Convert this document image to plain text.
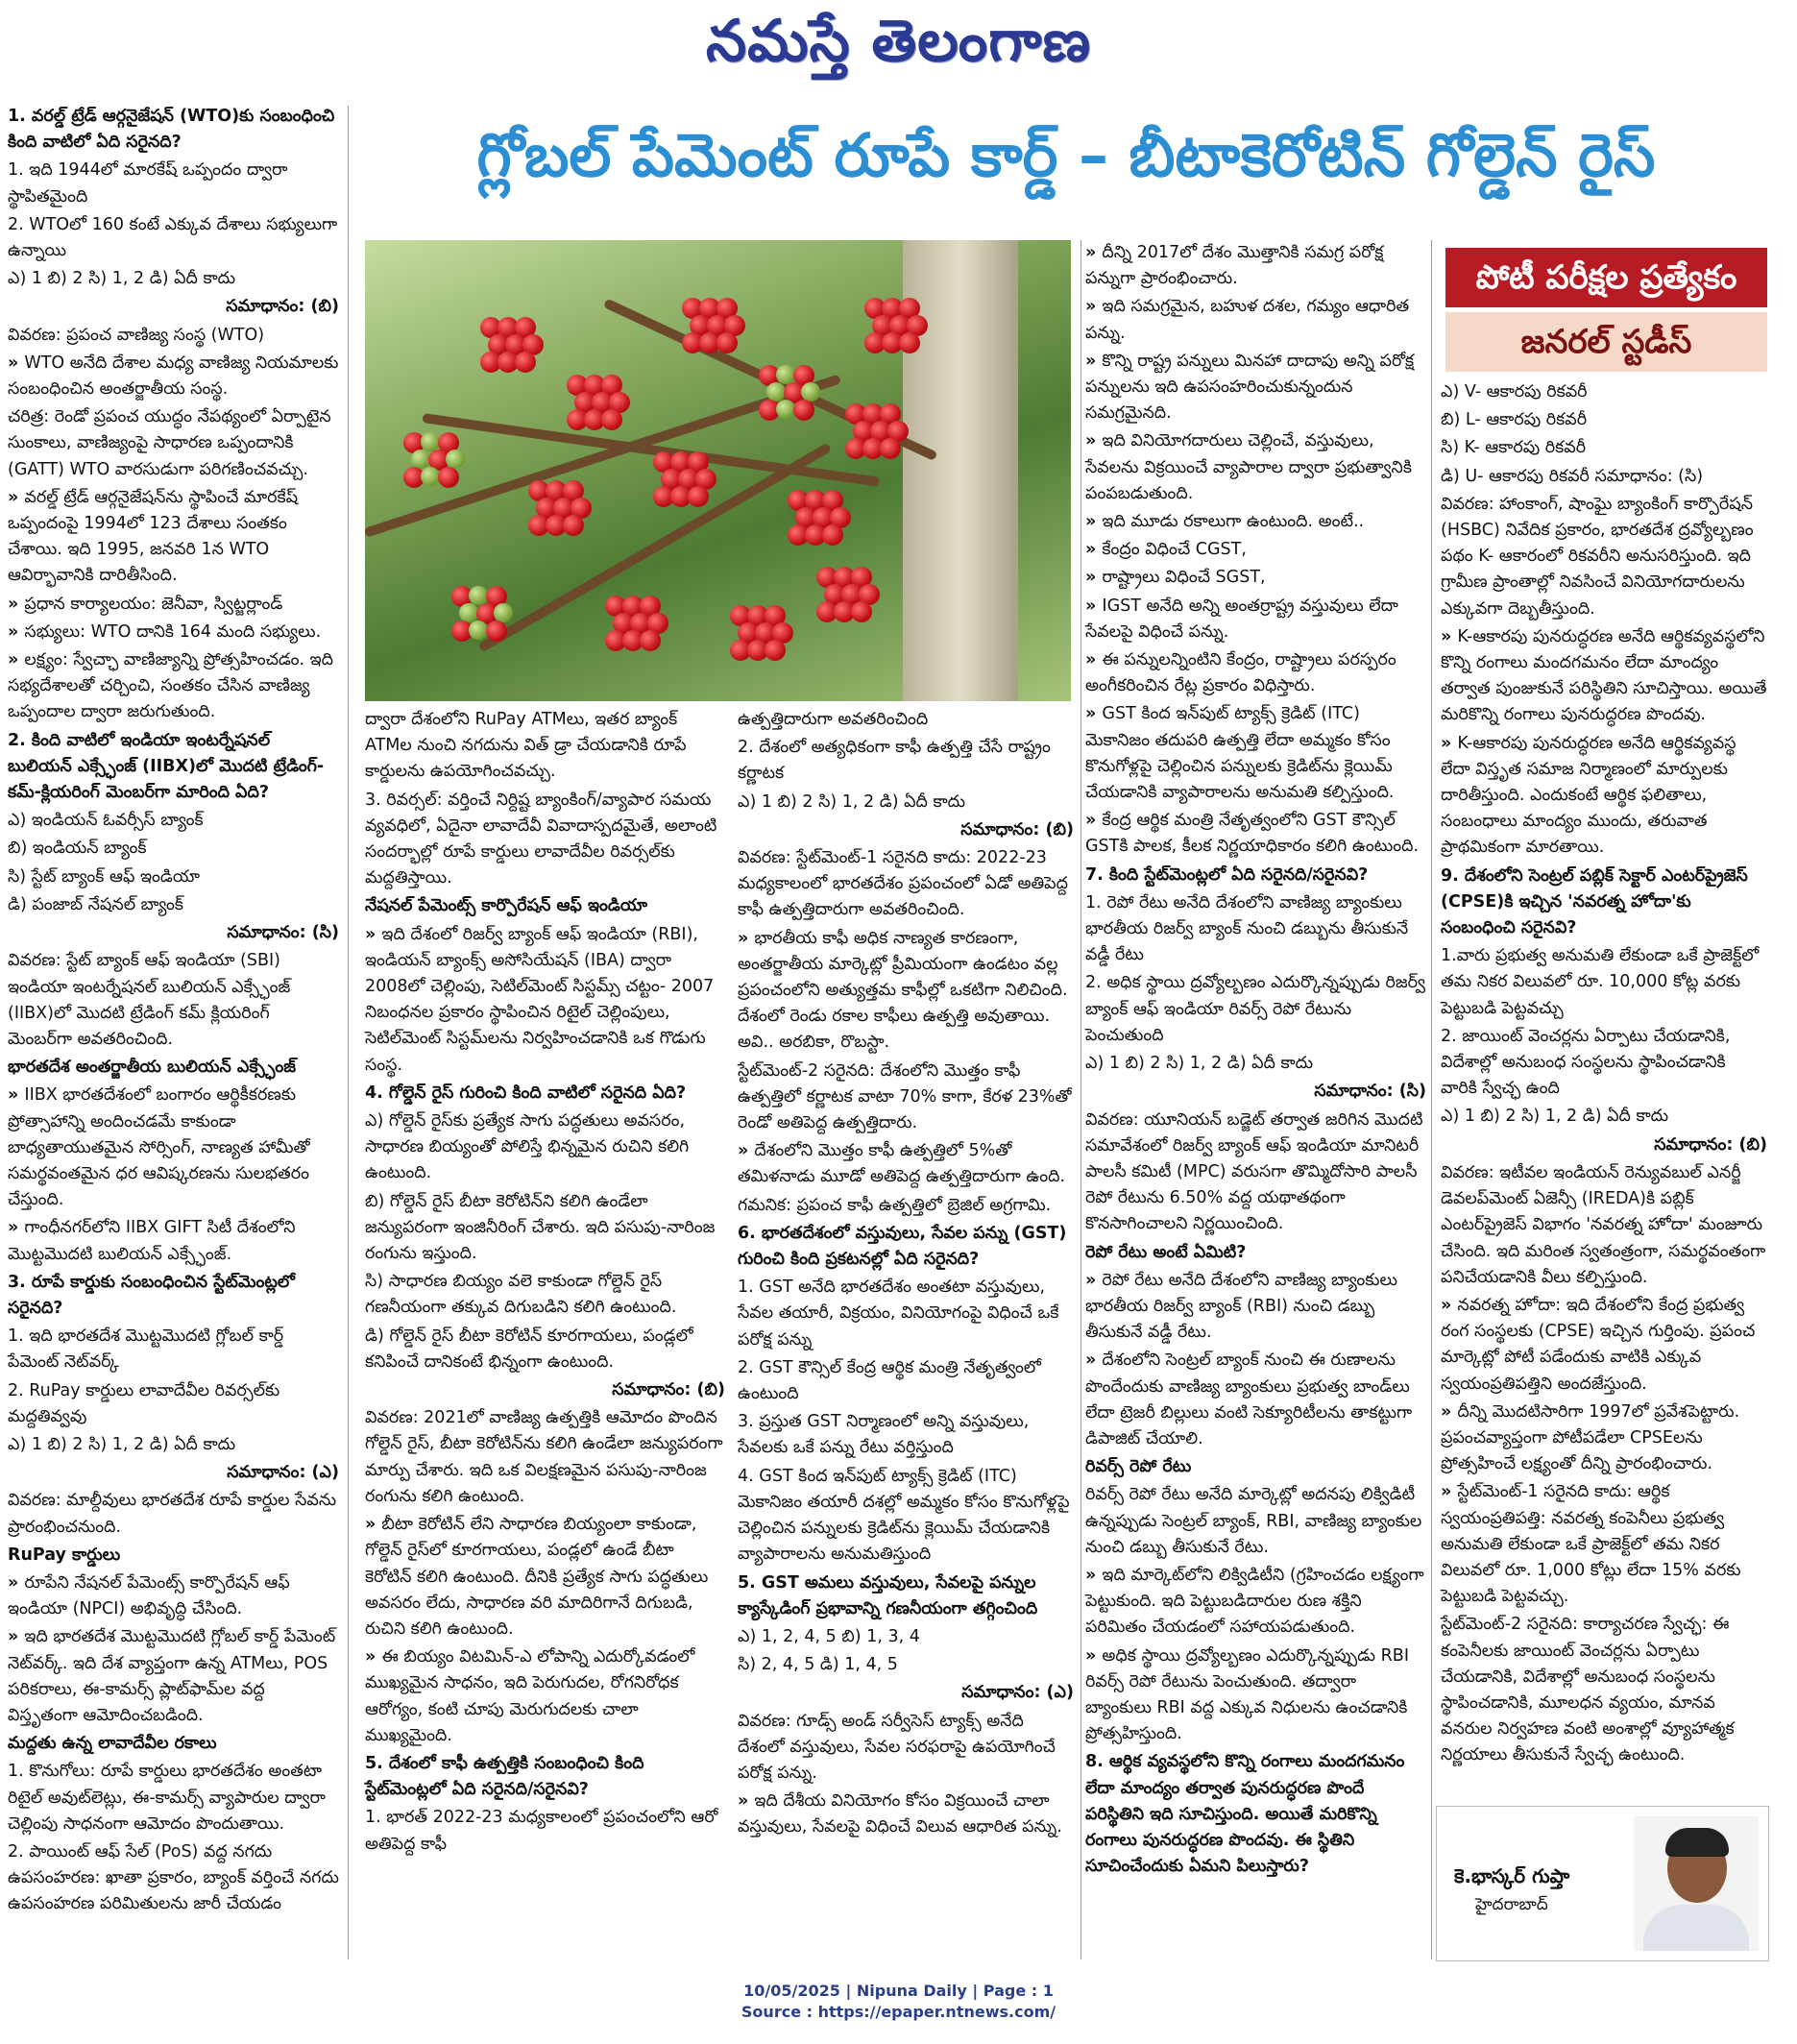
నమస్తే తెలంగాణ
గ్లోబల్ పేమెంట్ రూపే కార్డ్ – బీటాకెరోటిన్ గోల్డెన్ రైస్

1. వరల్డ్ ట్రేడ్ ఆర్గనైజేషన్ (WTO)కు సంబంధించి కింది వాటిలో ఏది సరైనది?

1. ఇది 1944లో మారకేష్ ఒప్పందం ద్వారా స్థాపితమైంది

2. WTOలో 160 కంటే ఎక్కువ దేశాలు సభ్యులుగా ఉన్నాయి

ఎ) 1 బి) 2 సి) 1, 2 డి) ఏదీ కాదు

సమాధానం: (బి)

వివరణ: ప్రపంచ వాణిజ్య సంస్థ (WTO)

» WTO అనేది దేశాల మధ్య వాణిజ్య నియమాలకు సంబంధించిన అంతర్జాతీయ సంస్థ.

చరిత్ర: రెండో ప్రపంచ యుద్ధం నేపథ్యంలో ఏర్పాటైన సుంకాలు, వాణిజ్యంపై సాధారణ ఒప్పందానికి (GATT) WTO వారసుడుగా పరిగణించవచ్చు.

» వరల్డ్ ట్రేడ్ ఆర్గనైజేషన్‌ను స్థాపించే మారకేష్ ఒప్పందంపై 1994లో 123 దేశాలు సంతకం చేశాయి. ఇది 1995, జనవరి 1న WTO ఆవిర్భావానికి దారితీసింది.

» ప్రధాన కార్యాలయం: జెనీవా, స్విట్జర్లాండ్

» సభ్యులు: WTO దానికి 164 మంది సభ్యులు.

» లక్ష్యం: స్వేచ్ఛా వాణిజ్యాన్ని ప్రోత్సహించడం. ఇది సభ్యదేశాలతో చర్చించి, సంతకం చేసిన వాణిజ్య ఒప్పందాల ద్వారా జరుగుతుంది.

2. కింది వాటిలో ఇండియా ఇంటర్నేషనల్ బులియన్ ఎక్స్ఛేంజ్ (IIBX)లో మొదటి ట్రేడింగ్-కమ్-క్లియరింగ్ మెంబర్‌గా మారింది ఏది?

ఎ) ఇండియన్ ఓవర్సీస్ బ్యాంక్

బి) ఇండియన్ బ్యాంక్

సి) స్టేట్ బ్యాంక్ ఆఫ్ ఇండియా

డి) పంజాబ్ నేషనల్ బ్యాంక్

సమాధానం: (సి)

వివరణ: స్టేట్ బ్యాంక్ ఆఫ్ ఇండియా (SBI) ఇండియా ఇంటర్నేషనల్ బులియన్ ఎక్స్ఛేంజ్ (IIBX)లో మొదటి ట్రేడింగ్ కమ్ క్లియరింగ్ మెంబర్‌గా అవతరించింది.

భారతదేశ అంతర్జాతీయ బులియన్ ఎక్స్ఛేంజ్

» IIBX భారతదేశంలో బంగారం ఆర్థికీకరణకు ప్రోత్సాహాన్ని అందించడమే కాకుండా బాధ్యతాయుతమైన సోర్సింగ్, నాణ్యత హామీతో సమర్థవంతమైన ధర ఆవిష్కరణను సులభతరం చేస్తుంది.

» గాంధీనగర్‌లోని IIBX GIFT సిటీ దేశంలోని మొట్టమొదటి బులియన్ ఎక్స్ఛేంజ్.

3. రూపే కార్డుకు సంబంధించిన స్టేట్‌మెంట్లలో సరైనది?

1. ఇది భారతదేశ మొట్టమొదటి గ్లోబల్ కార్డ్ పేమెంట్ నెట్‌వర్క్

2. RuPay కార్డులు లావాదేవీల రివర్సల్‌కు మద్దతివ్వవు

ఎ) 1 బి) 2 సి) 1, 2 డి) ఏదీ కాదు

సమాధానం: (ఎ)

వివరణ: మాల్దీవులు భారతదేశ రూపే కార్డుల సేవను ప్రారంభించనుంది.

RuPay కార్డులు

» రూపేని నేషనల్ పేమెంట్స్ కార్పొరేషన్ ఆఫ్ ఇండియా (NPCI) అభివృద్ధి చేసింది.

» ఇది భారతదేశ మొట్టమొదటి గ్లోబల్ కార్డ్ పేమెంట్ నెట్‌వర్క్. ఇది దేశ వ్యాప్తంగా ఉన్న ATMలు, POS పరికరాలు, ఈ-కామర్స్ ప్లాట్‌ఫామ్‌ల వద్ద విస్తృతంగా ఆమోదించబడింది.

మద్దతు ఉన్న లావాదేవీల రకాలు

1. కొనుగోలు: రూపే కార్డులు భారతదేశం అంతటా రిటైల్ అవుట్‌లెట్లు, ఈ-కామర్స్ వ్యాపారుల ద్వారా చెల్లింపు సాధనంగా ఆమోదం పొందుతాయి.

2. పాయింట్ ఆఫ్ సేల్ (PoS) వద్ద నగదు ఉపసంహరణ: ఖాతా ప్రకారం, బ్యాంక్ వర్తించే నగదు ఉపసంహరణ పరిమితులను జారీ చేయడం

ద్వారా దేశంలోని RuPay ATMలు, ఇతర బ్యాంక్ ATMల నుంచి నగదును విత్ డ్రా చేయడానికి రూపే కార్డులను ఉపయోగించవచ్చు.

3. రివర్సల్: వర్తించే నిర్దిష్ట బ్యాంకింగ్/వ్యాపార సమయ వ్యవధిలో, ఏదైనా లావాదేవీ వివాదాస్పదమైతే, అలాంటి సందర్భాల్లో రూపే కార్డులు లావాదేవీల రివర్సల్‌కు మద్దతిస్తాయి.

నేషనల్ పేమెంట్స్ కార్పొరేషన్ ఆఫ్ ఇండియా

» ఇది దేశంలో రిజర్వ్ బ్యాంక్ ఆఫ్ ఇండియా (RBI), ఇండియన్ బ్యాంక్స్ అసోసియేషన్ (IBA) ద్వారా 2008లో చెల్లింపు, సెటిల్‌మెంట్ సిస్టమ్స్ చట్టం- 2007 నిబంధనల ప్రకారం స్థాపించిన రిటైల్ చెల్లింపులు, సెటిల్‌మెంట్ సిస్టమ్‌లను నిర్వహించడానికి ఒక గొడుగు సంస్థ.

4. గోల్డెన్ రైస్ గురించి కింది వాటిలో సరైనది ఏది?

ఎ) గోల్డెన్ రైస్‌కు ప్రత్యేక సాగు పద్ధతులు అవసరం, సాధారణ బియ్యంతో పోలిస్తే భిన్నమైన రుచిని కలిగి ఉంటుంది.

బి) గోల్డెన్ రైస్ బీటా కెరోటిన్‌ని కలిగి ఉండేలా జన్యుపరంగా ఇంజినీరింగ్ చేశారు. ఇది పసుపు-నారింజ రంగును ఇస్తుంది.

సి) సాధారణ బియ్యం వలె కాకుండా గోల్డెన్ రైస్ గణనీయంగా తక్కువ దిగుబడిని కలిగి ఉంటుంది.

డి) గోల్డెన్ రైస్ బీటా కెరోటిన్ కూరగాయలు, పండ్లలో కనిపించే దానికంటే భిన్నంగా ఉంటుంది.

సమాధానం: (బి)

వివరణ: 2021లో వాణిజ్య ఉత్పత్తికి ఆమోదం పొందిన గోల్డెన్ రైస్, బీటా కెరోటిన్‌ను కలిగి ఉండేలా జన్యుపరంగా మార్పు చేశారు. ఇది ఒక విలక్షణమైన పసుపు-నారింజ రంగును కలిగి ఉంటుంది.

» బీటా కెరోటిన్ లేని సాధారణ బియ్యంలా కాకుండా, గోల్డెన్ రైస్‌లో కూరగాయలు, పండ్లలో ఉండే బీటా కెరోటిన్ కలిగి ఉంటుంది. దీనికి ప్రత్యేక సాగు పద్ధతులు అవసరం లేదు, సాధారణ వరి మాదిరిగానే దిగుబడి, రుచిని కలిగి ఉంటుంది.

» ఈ బియ్యం విటమిన్-ఎ లోపాన్ని ఎదుర్కోవడంలో ముఖ్యమైన సాధనం, ఇది పెరుగుదల, రోగనిరోధక ఆరోగ్యం, కంటి చూపు మెరుగుదలకు చాలా ముఖ్యమైంది.

5. దేశంలో కాఫీ ఉత్పత్తికి సంబంధించి కింది స్టేట్‌మెంట్లలో ఏది సరైనది/సరైనవి?

1. భారత్ 2022-23 మధ్యకాలంలో ప్రపంచంలోని ఆరో అతిపెద్ద కాఫీ

ఉత్పత్తిదారుగా అవతరించింది

2. దేశంలో అత్యధికంగా కాఫీ ఉత్పత్తి చేసే రాష్ట్రం కర్ణాటక

ఎ) 1 బి) 2 సి) 1, 2 డి) ఏదీ కాదు

సమాధానం: (బి)

వివరణ: స్టేట్‌మెంట్-1 సరైనది కాదు: 2022-23 మధ్యకాలంలో భారతదేశం ప్రపంచంలో ఏడో అతిపెద్ద కాఫీ ఉత్పత్తిదారుగా అవతరించింది.

» భారతీయ కాఫీ అధిక నాణ్యత కారణంగా, అంతర్జాతీయ మార్కెట్లో ప్రీమియంగా ఉండటం వల్ల ప్రపంచంలోని అత్యుత్తమ కాఫీల్లో ఒకటిగా నిలిచింది. దేశంలో రెండు రకాల కాఫీలు ఉత్పత్తి అవుతాయి. అవి.. అరబికా, రొబస్టా.

స్టేట్‌మెంట్-2 సరైనది: దేశంలోని మొత్తం కాఫీ ఉత్పత్తిలో కర్ణాటక వాటా 70% కాగా, కేరళ 23%తో రెండో అతిపెద్ద ఉత్పత్తిదారు.

» దేశంలోని మొత్తం కాఫీ ఉత్పత్తిలో 5%తో తమిళనాడు మూడో అతిపెద్ద ఉత్పత్తిదారుగా ఉంది.

గమనిక: ప్రపంచ కాఫీ ఉత్పత్తిలో బ్రెజిల్ అగ్రగామి.

6. భారతదేశంలో వస్తువులు, సేవల పన్ను (GST) గురించి కింది ప్రకటనల్లో ఏది సరైనది?

1. GST అనేది భారతదేశం అంతటా వస్తువులు, సేవల తయారీ, విక్రయం, వినియోగంపై విధించే ఒకే పరోక్ష పన్ను

2. GST కౌన్సిల్ కేంద్ర ఆర్థిక మంత్రి నేతృత్వంలో ఉంటుంది

3. ప్రస్తుత GST నిర్మాణంలో అన్ని వస్తువులు, సేవలకు ఒకే పన్ను రేటు వర్తిస్తుంది

4. GST కింద ఇన్‌పుట్ ట్యాక్స్ క్రెడిట్ (ITC) మెకానిజం తయారీ దశల్లో అమ్మకం కోసం కొనుగోళ్లపై చెల్లించిన పన్నులకు క్రెడిట్‌ను క్లెయిమ్ చేయడానికి వ్యాపారాలను అనుమతిస్తుంది

5. GST అమలు వస్తువులు, సేవలపై పన్నుల క్యాస్కేడింగ్ ప్రభావాన్ని గణనీయంగా తగ్గించింది

ఎ) 1, 2, 4, 5 బి) 1, 3, 4

సి) 2, 4, 5 డి) 1, 4, 5

సమాధానం: (ఎ)

వివరణ: గూడ్స్ అండ్ సర్వీసెస్ ట్యాక్స్ అనేది దేశంలో వస్తువులు, సేవల సరఫరాపై ఉపయోగించే పరోక్ష పన్ను.

» ఇది దేశీయ వినియోగం కోసం విక్రయించే చాలా వస్తువులు, సేవలపై విధించే విలువ ఆధారిత పన్ను.

» దీన్ని 2017లో దేశం మొత్తానికి సమగ్ర పరోక్ష పన్నుగా ప్రారంభించారు.

» ఇది సమగ్రమైన, బహుళ దశల, గమ్యం ఆధారిత పన్ను.

» కొన్ని రాష్ట్ర పన్నులు మినహా దాదాపు అన్ని పరోక్ష పన్నులను ఇది ఉపసంహరించుకున్నందున సమగ్రమైనది.

» ఇది వినియోగదారులు చెల్లించే, వస్తువులు, సేవలను విక్రయించే వ్యాపారాల ద్వారా ప్రభుత్వానికి పంపబడుతుంది.

» ఇది మూడు రకాలుగా ఉంటుంది. అంటే..

» కేంద్రం విధించే CGST,

» రాష్ట్రాలు విధించే SGST,

» IGST అనేది అన్ని అంతర్రాష్ట్ర వస్తువులు లేదా సేవలపై విధించే పన్ను.

» ఈ పన్నులన్నింటిని కేంద్రం, రాష్ట్రాలు పరస్పరం అంగీకరించిన రేట్ల ప్రకారం విధిస్తారు.

» GST కింద ఇన్‌పుట్ ట్యాక్స్ క్రెడిట్ (ITC) మెకానిజం తదుపరి ఉత్పత్తి లేదా అమ్మకం కోసం కొనుగోళ్లపై చెల్లించిన పన్నులకు క్రెడిట్‌ను క్లెయిమ్ చేయడానికి వ్యాపారాలను అనుమతి కల్పిస్తుంది.

» కేంద్ర ఆర్థిక మంత్రి నేతృత్వంలోని GST కౌన్సిల్ GSTకి పాలక, కీలక నిర్ణయాధికారం కలిగి ఉంటుంది.

7. కింది స్టేట్‌మెంట్లలో ఏది సరైనది/సరైనవి?

1. రెపో రేటు అనేది దేశంలోని వాణిజ్య బ్యాంకులు భారతీయ రిజర్వ్ బ్యాంక్ నుంచి డబ్బును తీసుకునే వడ్డీ రేటు

2. అధిక స్థాయి ద్రవ్యోల్బణం ఎదుర్కొన్నప్పుడు రిజర్వ్ బ్యాంక్ ఆఫ్ ఇండియా రివర్స్ రెపో రేటును పెంచుతుంది

ఎ) 1 బి) 2 సి) 1, 2 డి) ఏదీ కాదు

సమాధానం: (సి)

వివరణ: యూనియన్ బడ్జెట్ తర్వాత జరిగిన మొదటి సమావేశంలో రిజర్వ్ బ్యాంక్ ఆఫ్ ఇండియా మానిటరీ పాలసీ కమిటీ (MPC) వరుసగా తొమ్మిదోసారి పాలసీ రెపో రేటును 6.50% వద్ద యథాతథంగా కొనసాగించాలని నిర్ణయించింది.

రెపో రేటు అంటే ఏమిటి?

» రెపో రేటు అనేది దేశంలోని వాణిజ్య బ్యాంకులు భారతీయ రిజర్వ్ బ్యాంక్ (RBI) నుంచి డబ్బు తీసుకునే వడ్డీ రేటు.

» దేశంలోని సెంట్రల్ బ్యాంక్ నుంచి ఈ రుణాలను పొందేందుకు వాణిజ్య బ్యాంకులు ప్రభుత్వ బాండ్‌లు లేదా ట్రెజరీ బిల్లులు వంటి సెక్యూరిటీలను తాకట్టుగా డిపాజిట్ చేయాలి.

రివర్స్ రెపో రేటు

రివర్స్ రెపో రేటు అనేది మార్కెట్లో అదనపు లిక్విడిటీ ఉన్నప్పుడు సెంట్రల్ బ్యాంక్, RBI, వాణిజ్య బ్యాంకుల నుంచి డబ్బు తీసుకునే రేటు.

» ఇది మార్కెట్‌లోని లిక్విడిటీని (గ్రహించడం లక్ష్యంగా పెట్టుకుంది. ఇది పెట్టుబడిదారుల రుణ శక్తిని పరిమితం చేయడంలో సహాయపడుతుంది.

» అధిక స్థాయి ద్రవ్యోల్బణం ఎదుర్కొన్నప్పుడు RBI రివర్స్ రెపో రేటును పెంచుతుంది. తద్వారా బ్యాంకులు RBI వద్ద ఎక్కువ నిధులను ఉంచడానికి ప్రోత్సహిస్తుంది.

8. ఆర్థిక వ్యవస్థలోని కొన్ని రంగాలు మందగమనం లేదా మాంద్యం తర్వాత పునరుద్ధరణ పొందే పరిస్థితిని ఇది సూచిస్తుంది. అయితే మరికొన్ని రంగాలు పునరుద్ధరణ పొందవు. ఈ స్థితిని సూచించేందుకు ఏమని పిలుస్తారు?

పోటీ పరీక్షల ప్రత్యేకం
జనరల్ స్టడీస్

ఎ) V- ఆకారపు రికవరీ

బి) L- ఆకారపు రికవరీ

సి) K- ఆకారపు రికవరీ

డి) U- ఆకారపు రికవరీ సమాధానం: (సి)

వివరణ: హాంకాంగ్, షాంఘై బ్యాంకింగ్ కార్పొరేషన్ (HSBC) నివేదిక ప్రకారం, భారతదేశ ద్రవ్యోల్బణం పథం K- ఆకారంలో రికవరీని అనుసరిస్తుంది. ఇది గ్రామీణ ప్రాంతాల్లో నివసించే వినియోగదారులను ఎక్కువగా దెబ్బతీస్తుంది.

» K-ఆకారపు పునరుద్ధరణ అనేది ఆర్థికవ్యవస్థలోని కొన్ని రంగాలు మందగమనం లేదా మాంద్యం తర్వాత పుంజుకునే పరిస్థితిని సూచిస్తాయి. అయితే మరికొన్ని రంగాలు పునరుద్ధరణ పొందవు.

» K-ఆకారపు పునరుద్ధరణ అనేది ఆర్థికవ్యవస్థ లేదా విస్తృత సమాజ నిర్మాణంలో మార్పులకు దారితీస్తుంది. ఎందుకంటే ఆర్థిక ఫలితాలు, సంబంధాలు మాంద్యం ముందు, తరువాత ప్రాథమికంగా మారతాయి.

9. దేశంలోని సెంట్రల్ పబ్లిక్ సెక్టార్ ఎంటర్‌ప్రైజెస్ (CPSE)కి ఇచ్చిన 'నవరత్న హోదా'కు సంబంధించి సరైనవి?

1.వారు ప్రభుత్వ అనుమతి లేకుండా ఒకే ప్రాజెక్ట్‌లో తమ నికర విలువలో రూ. 10,000 కోట్ల వరకు పెట్టుబడి పెట్టవచ్చు

2. జాయింట్ వెంచర్లను ఏర్పాటు చేయడానికి, విదేశాల్లో అనుబంధ సంస్థలను స్థాపించడానికి వారికి స్వేచ్ఛ ఉంది

ఎ) 1 బి) 2 సి) 1, 2 డి) ఏదీ కాదు

సమాధానం: (బి)

వివరణ: ఇటీవల ఇండియన్ రెన్యువబుల్ ఎనర్జీ డెవలప్‌మెంట్ ఏజెన్సీ (IREDA)కి పబ్లిక్ ఎంటర్‌ప్రైజెస్ విభాగం 'నవరత్న హోదా' మంజూరు చేసింది. ఇది మరింత స్వతంత్రంగా, సమర్థవంతంగా పనిచేయడానికి వీలు కల్పిస్తుంది.

» నవరత్న హోదా: ఇది దేశంలోని కేంద్ర ప్రభుత్వ రంగ సంస్థలకు (CPSE) ఇచ్చిన గుర్తింపు. ప్రపంచ మార్కెట్లో పోటీ పడేందుకు వాటికి ఎక్కువ స్వయంప్రతిపత్తిని అందజేస్తుంది.

» దీన్ని మొదటిసారిగా 1997లో ప్రవేశపెట్టారు. ప్రపంచవ్యాప్తంగా పోటీపడేలా CPSEలను ప్రోత్సహించే లక్ష్యంతో దీన్ని ప్రారంభించారు.

» స్టేట్‌మెంట్-1 సరైనది కాదు: ఆర్థిక స్వయంప్రతిపత్తి: నవరత్న కంపెనీలు ప్రభుత్వ అనుమతి లేకుండా ఒకే ప్రాజెక్ట్‌లో తమ నికర విలువలో రూ. 1,000 కోట్లు లేదా 15% వరకు పెట్టుబడి పెట్టవచ్చు.

స్టేట్‌మెంట్-2 సరైనది: కార్యాచరణ స్వేచ్ఛ: ఈ కంపెనీలకు జాయింట్ వెంచర్లను ఏర్పాటు చేయడానికి, విదేశాల్లో అనుబంధ సంస్థలను స్థాపించడానికి, మూలధన వ్యయం, మానవ వనరుల నిర్వహణ వంటి అంశాల్లో వ్యూహాత్మక నిర్ణయాలు తీసుకునే స్వేచ్ఛ ఉంటుంది.

కె.భాస్కర్ గుప్తా
హైదరాబాద్
10/05/2025 | Nipuna Daily | Page : 1
Source : https://epaper.ntnews.com/
